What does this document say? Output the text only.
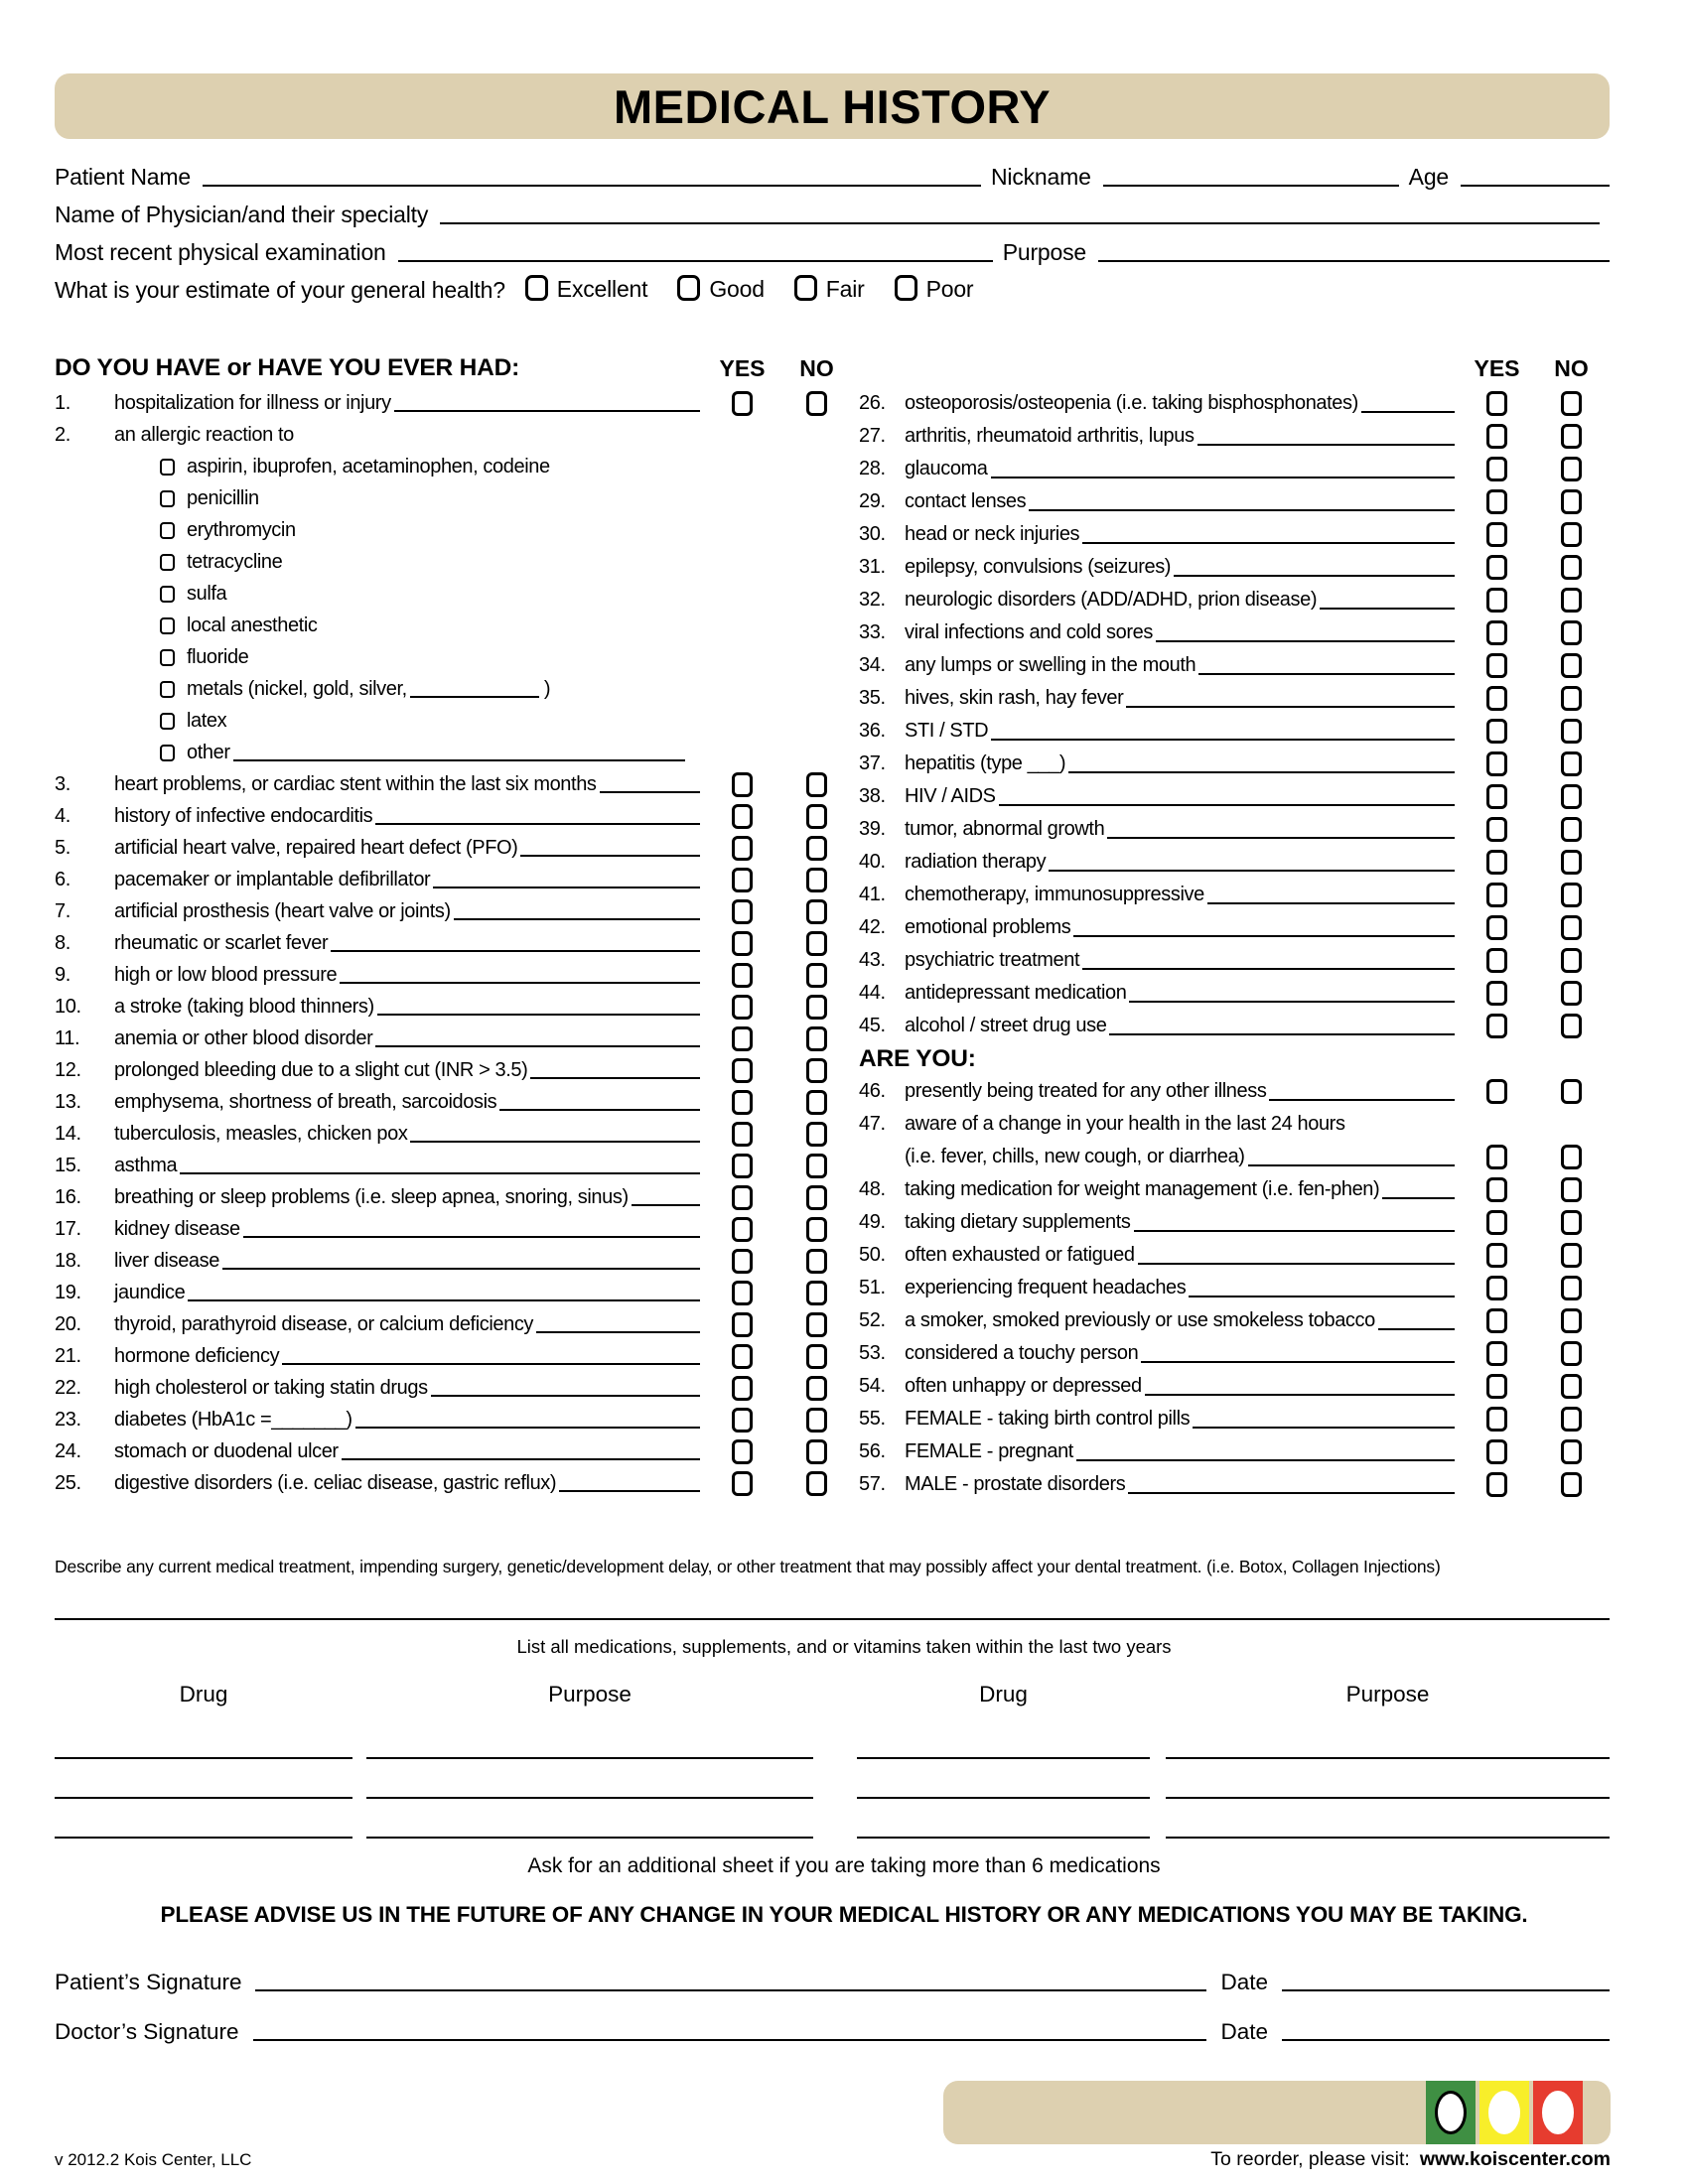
MEDICAL HISTORY
Patient Name	Nickname	Age
Name of Physician/and their specialty
Most recent physical examination	Purpose
What is your estimate of your general health? Excellent	Good	Fair	Poor
DO YOU HAVE or HAVE YOU EVER HAD:	YES	NO
1.	hospitalization for illness or injury
2.	an allergic reaction to
aspirin, ibuprofen, acetaminophen, codeine
penicillin
erythromycin
tetracycline
sulfa
local anesthetic
fluoride
metals (nickel, gold, silver,	)
latex
other
3.	heart problems, or cardiac stent within the last six months
4.	history of infective endocarditis
5.	artificial heart valve, repaired heart defect (PFO)
6.	pacemaker or implantable defibrillator
7.	artificial prosthesis (heart valve or joints)
8.	rheumatic or scarlet fever
9.	high or low blood pressure
10.	a stroke (taking blood thinners)
11.	anemia or other blood disorder
12.	prolonged bleeding due to a slight cut (INR > 3.5)
13.	emphysema, shortness of breath, sarcoidosis
14.	tuberculosis, measles, chicken pox
15.	asthma
16.	breathing or sleep problems (i.e. sleep apnea, snoring, sinus)
17.	kidney disease
18.	liver disease
19.	jaundice
20.	thyroid, parathyroid disease, or calcium deficiency
21.	hormone deficiency
22.	high cholesterol or taking statin drugs
23.	diabetes (HbA1c =_______)
24.	stomach or duodenal ulcer
25.	digestive disorders (i.e. celiac disease, gastric reflux)
YES	NO
26. osteoporosis/osteopenia (i.e. taking bisphosphonates)
27. arthritis, rheumatoid arthritis, lupus
28. glaucoma
29. contact lenses
30. head or neck injuries
31. epilepsy, convulsions (seizures)
32. neurologic disorders (ADD/ADHD, prion disease)
33. viral infections and cold sores
34. any lumps or swelling in the mouth
35. hives, skin rash, hay fever
36. STI / STD
37. hepatitis (type ___)
38. HIV / AIDS
39. tumor, abnormal growth
40. radiation therapy
41. chemotherapy, immunosuppressive
42. emotional problems
43. psychiatric treatment
44. antidepressant medication
45. alcohol / street drug use
ARE YOU:
46. presently being treated for any other illness
47. aware of a change in your health in the last 24 hours
(i.e. fever, chills, new cough, or diarrhea)
48. taking medication for weight management (i.e. fen-phen)
49. taking dietary supplements
50. often exhausted or fatigued
51. experiencing frequent headaches
52. a smoker, smoked previously or use smokeless tobacco
53. considered a touchy person
54. often unhappy or depressed
55. FEMALE - taking birth control pills
56. FEMALE - pregnant
57. MALE - prostate disorders
Describe any current medical treatment, impending surgery, genetic/development delay, or other treatment that may possibly affect your dental treatment. (i.e. Botox, Collagen Injections)
List all medications, supplements, and or vitamins taken within the last two years
Drug	Purpose	Drug	Purpose
Ask for an additional sheet if you are taking more than 6 medications
PLEASE ADVISE US IN THE FUTURE OF ANY CHANGE IN YOUR MEDICAL HISTORY OR ANY MEDICATIONS YOU MAY BE TAKING.
Patient’s Signature	Date
Doctor’s Signature	Date
v 2012.2 Kois Center, LLC	To reorder, please visit: www.koiscenter.com
